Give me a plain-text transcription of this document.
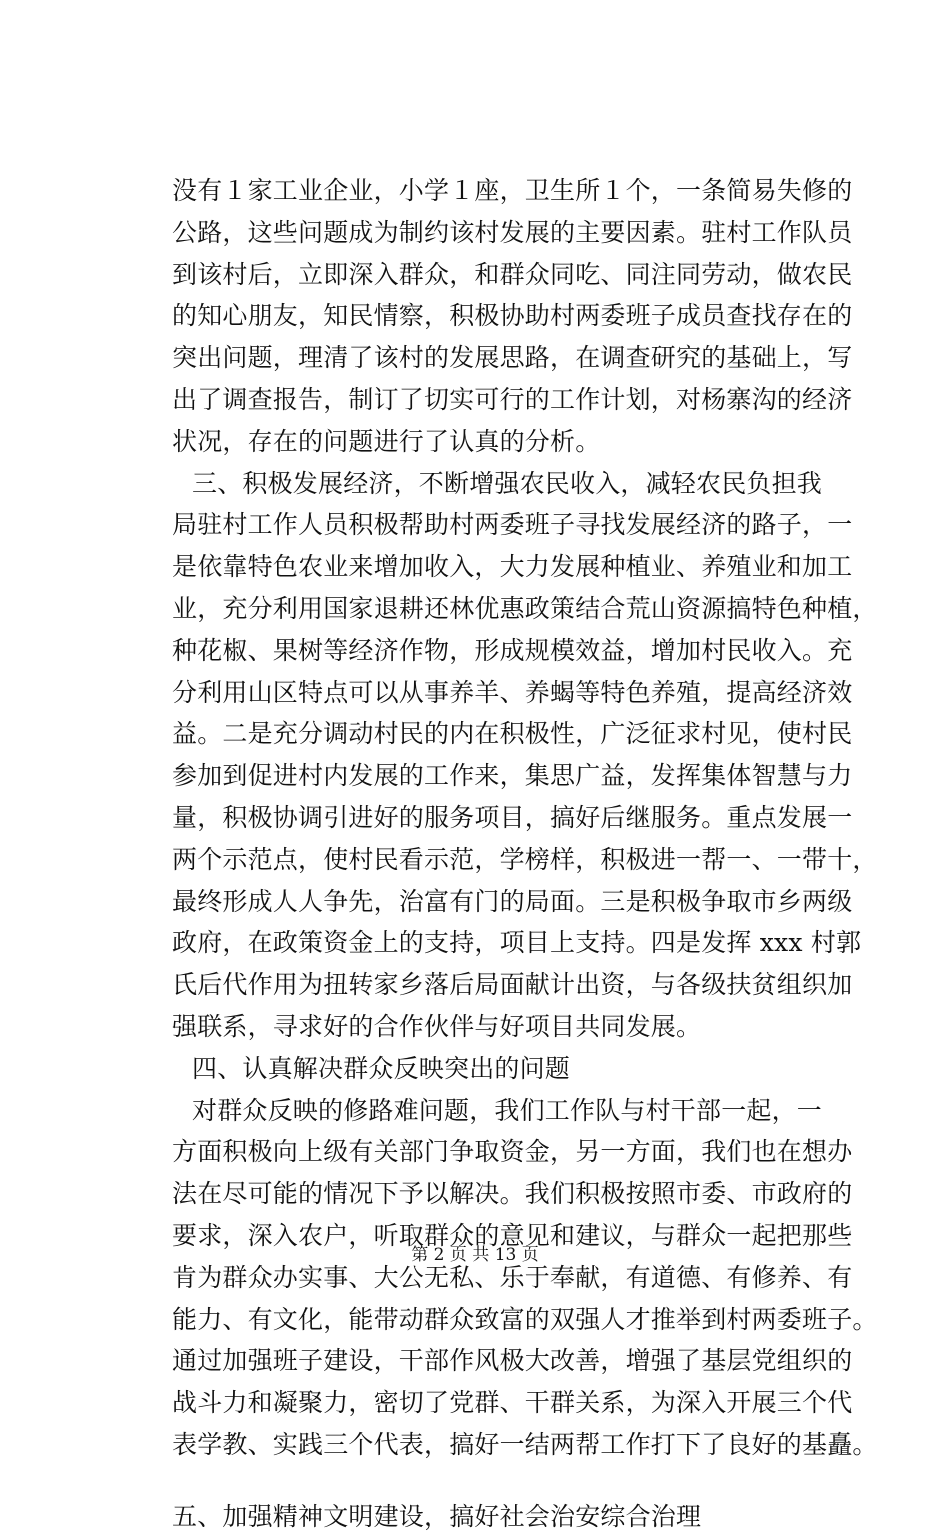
没有１家工业企业，小学１座，卫生所１个，一条简易失修的
公路，这些问题成为制约该村发展的主要因素。驻村工作队员
到该村后，立即深入群众，和群众同吃、同注同劳动，做农民
的知心朋友，知民情察，积极协助村两委班子成员查找存在的
突出问题，理清了该村的发展思路，在调查研究的基础上，写
出了调查报告，制订了切实可行的工作计划，对杨寨沟的经济
状况，存在的问题进行了认真的分析。
三、积极发展经济，不断增强农民收入，减轻农民负担我
局驻村工作人员积极帮助村两委班子寻找发展经济的路子，一
是依靠特色农业来增加收入，大力发展种植业、养殖业和加工
业，充分利用国家退耕还林优惠政策结合荒山资源搞特色种植，
种花椒、果树等经济作物，形成规模效益，增加村民收入。充
分利用山区特点可以从事养羊、养蝎等特色养殖，提高经济效
益。二是充分调动村民的内在积极性，广泛征求村见，使村民
参加到促进村内发展的工作来，集思广益，发挥集体智慧与力
量，积极协调引进好的服务项目，搞好后继服务。重点发展一
两个示范点，使村民看示范，学榜样，积极进一帮一、一带十，
最终形成人人争先，治富有门的局面。三是积极争取市乡两级
政府，在政策资金上的支持，项目上支持。四是发挥 xxx 村郭
氏后代作用为扭转家乡落后局面献计出资，与各级扶贫组织加
强联系，寻求好的合作伙伴与好项目共同发展。
四、认真解决群众反映突出的问题
对群众反映的修路难问题，我们工作队与村干部一起，一
方面积极向上级有关部门争取资金，另一方面，我们也在想办
法在尽可能的情况下予以解决。我们积极按照市委、市政府的
要求，深入农户，听取群众的意见和建议，与群众一起把那些
肯为群众办实事、大公无私、乐于奉献，有道德、有修养、有
能力、有文化，能带动群众致富的双强人才推举到村两委班子。
通过加强班子建设，干部作风极大改善，增强了基层党组织的
战斗力和凝聚力，密切了党群、干群关系，为深入开展三个代
表学教、实践三个代表，搞好一结两帮工作打下了良好的基矗。
五、加强精神文明建设，搞好社会治安综合治理
第 2 页 共 13 页
